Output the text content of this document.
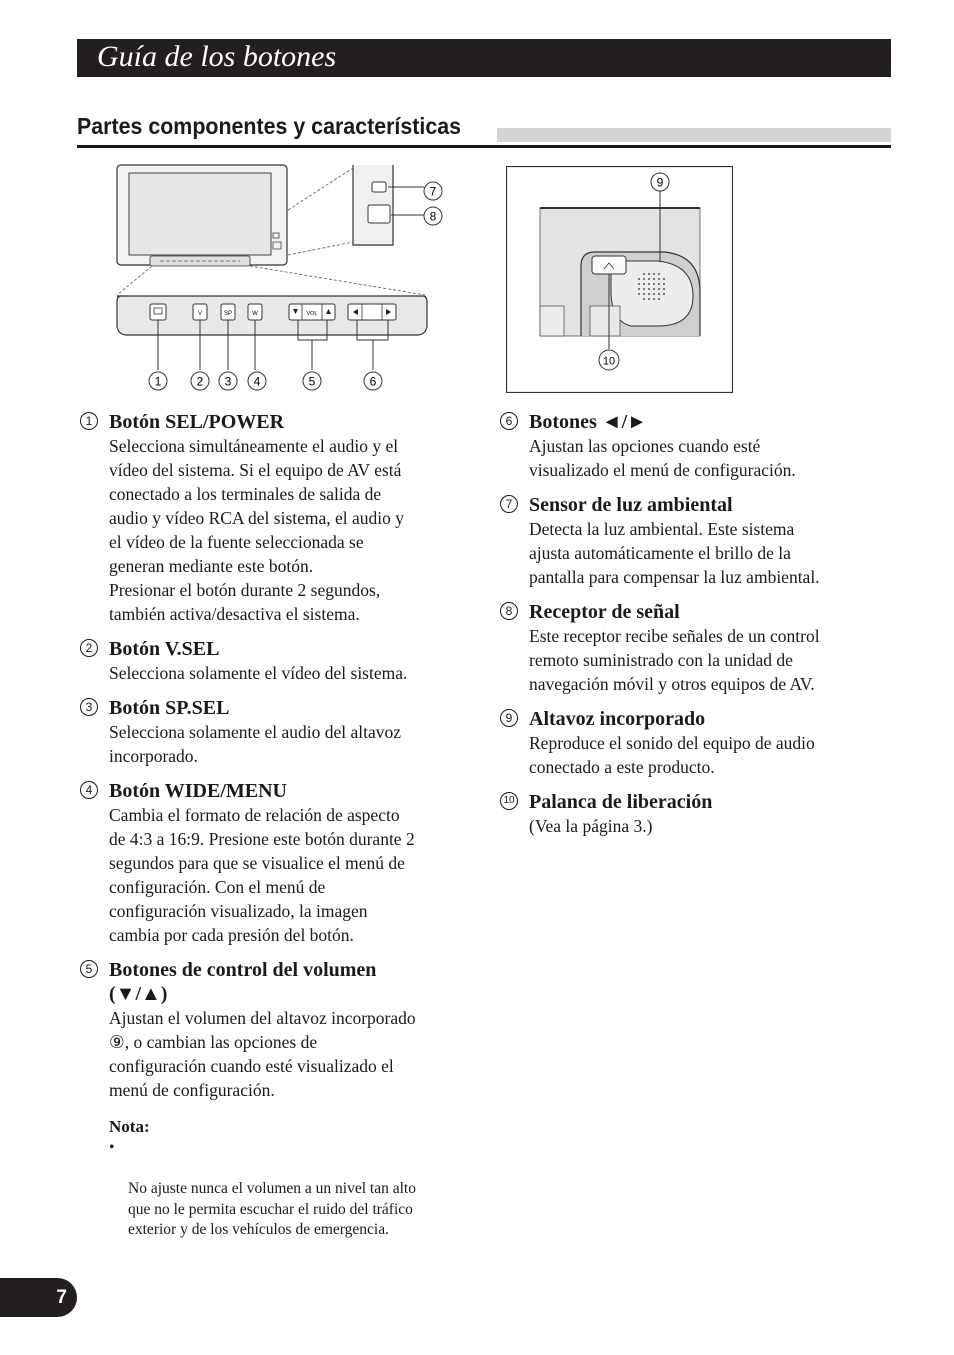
Guía de los botones
Partes componentes y características
V	SP	W	VOL
1	2 3 4	5	6
7
8
9
10
1 Botón SEL/POWER
Selecciona simultáneamente el audio y el
vídeo del sistema. Si el equipo de AV está
conectado a los terminales de salida de
audio y vídeo RCA del sistema, el audio y
el vídeo de la fuente seleccionada se
generan mediante este botón.
Presionar el botón durante 2 segundos,
también activa/desactiva el sistema.
2 Botón V.SEL
Selecciona solamente el vídeo del sistema.
3 Botón SP.SEL
Selecciona solamente el audio del altavoz
incorporado.
4 Botón WIDE/MENU
Cambia el formato de relación de aspecto
de 4:3 a 16:9. Presione este botón durante 2
segundos para que se visualice el menú de
configuración. Con el menú de
configuración visualizado, la imagen
cambia por cada presión del botón.
5 Botones de control del volumen
(▼/▲)
Ajustan el volumen del altavoz incorporado
⑨, o cambian las opciones de
configuración cuando esté visualizado el
menú de configuración.
Nota:

•

No ajuste nunca el volumen a un nivel tan alto
que no le permita escuchar el ruido del tráfico
exterior y de los vehículos de emergencia.

6 Botones ◄/►
Ajustan las opciones cuando esté
visualizado el menú de configuración.
7 Sensor de luz ambiental
Detecta la luz ambiental. Este sistema
ajusta automáticamente el brillo de la
pantalla para compensar la luz ambiental.
8 Receptor de señal
Este receptor recibe señales de un control
remoto suministrado con la unidad de
navegación móvil y otros equipos de AV.
9 Altavoz incorporado
Reproduce el sonido del equipo de audio
conectado a este producto.
10 Palanca de liberación
(Vea la página 3.)
7
